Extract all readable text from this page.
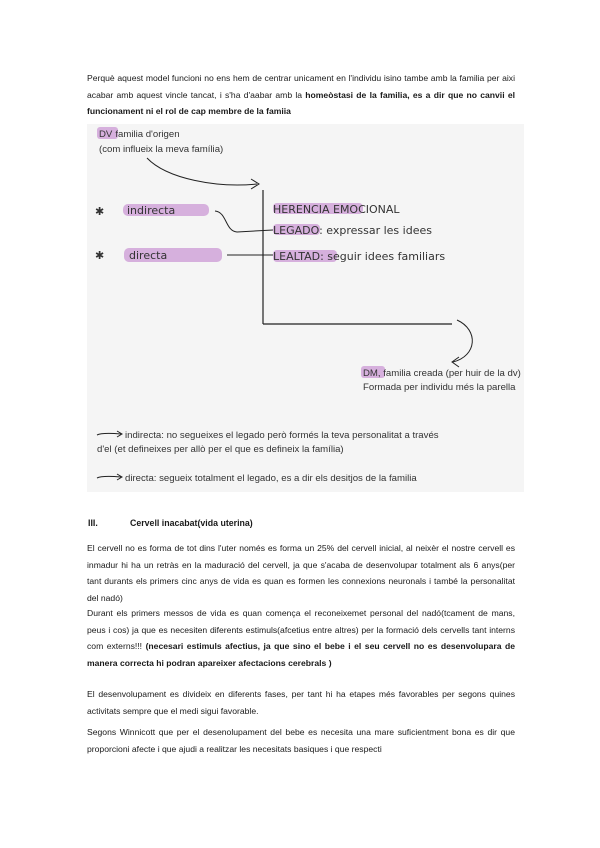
Perquè aquest model funcioni no ens hem de centrar unicament en l'individu isino tambe amb la familia per aixi acabar amb aquest vincle tancat, i s'ha d'aabar amb la homeòstasi de la familia, es a dir que no canvii el funcionament ni el rol de cap membre de la famiia

DV familia d'origen
(com influeix la meva família)
✱ indirecta
✱ directa
HERENCIA EMOCIONAL
LEGADO: expressar les idees
LEALTAD: seguir idees familiars
DM, familia creada (per huir de la dv)
Formada per individu més la parella
indirecta: no segueixes el legado però formés la teva personalitat a través
d'el (et defineixes per allò per el que es defineix la família)
directa: segueix totalment el legado, es a dir els desitjos de la familia

III.	Cervell inacabat(vida uterina)

El cervell no es forma de tot dins l'uter només es forma un 25% del cervell inicial, al neixèr el nostre cervell es inmadur hi ha un retràs en la maduració del cervell, ja que s'acaba de desenvolupar totalment als 6 anys(per tant durants els primers cinc anys de vida es quan es formen les connexions neuronals i també la personalitat del nadó)

Durant els primers messos de vida es quan comença el reconeixemet personal del nadó(tcament de mans, peus i cos) ja que es necesiten diferents estimuls(afcetius entre altres) per la formació dels cervells tant interns com externs!!! (necesari estimuls afectius, ja que sino el bebe i el seu cervell no es desenvolupara de manera correcta hi podran apareixer afectacions cerebrals )

El desenvolupament es divideix en diferents fases, per tant hi ha etapes més favorables per segons quines activitats sempre que el medi sigui favorable.

Segons Winnicott que per el desenolupament del bebe es necesita una mare suficientment bona es dir que proporcioni afecte i que ajudi a realitzar les necesitats basiques i que respecti
